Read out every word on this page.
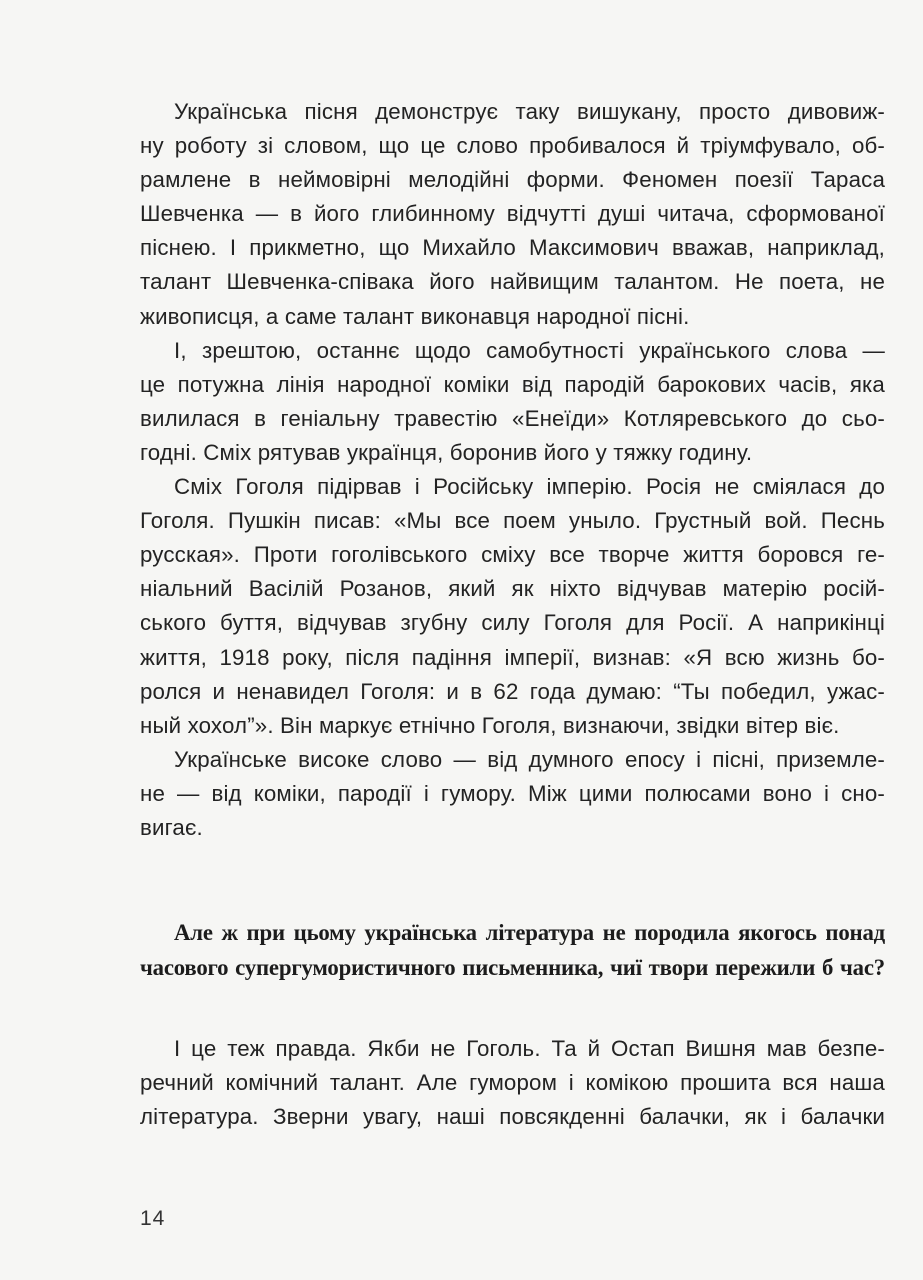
Українська пісня демонструє таку вишукану, просто дивовиж-
ну роботу зі словом, що це слово пробивалося й тріумфувало, об-
рамлене в неймовірні мелодійні форми. Феномен поезії Тараса
Шевченка — в його глибинному відчутті душі читача, сформованої
піснею. І прикметно, що Михайло Максимович вважав, наприклад,
талант Шевченка-співака його найвищим талантом. Не поета, не
живописця, а саме талант виконавця народної пісні.
І, зрештою, останнє щодо самобутності українського слова —
це потужна лінія народної коміки від пародій барокових часів, яка
вилилася в геніальну травестію «Енеїди» Котляревського до сьо-
годні. Сміх рятував українця, боронив його у тяжку годину.
Сміх Гоголя підірвав і Російську імперію. Росія не сміялася до
Гоголя. Пушкін писав: «Мы все поем уныло. Грустный вой. Песнь
русская». Проти гоголівського сміху все творче життя боровся ге-
ніальний Васілій Розанов, який як ніхто відчував матерію росій-
ського буття, відчував згубну силу Гоголя для Росії. А наприкінці
життя, 1918 року, після падіння імперії, визнав: «Я всю жизнь бо-
ролся и ненавидел Гоголя: и в 62 года думаю: “Ты победил, ужас-
ный хохол”». Він маркує етнічно Гоголя, визнаючи, звідки вітер віє.
Українське високе слово — від думного епосу і пісні, приземле-
не — від коміки, пародії і гумору. Між цими полюсами воно і сно-
вигає.
Але ж при цьому українська література не породила якогось понад
часового супергумористичного письменника, чиї твори пережили б час?
І це теж правда. Якби не Гоголь. Та й Остап Вишня мав безпе-
речний комічний талант. Але гумором і комікою прошита вся наша
література. Зверни увагу, наші повсякденні балачки, як і балачки
14
